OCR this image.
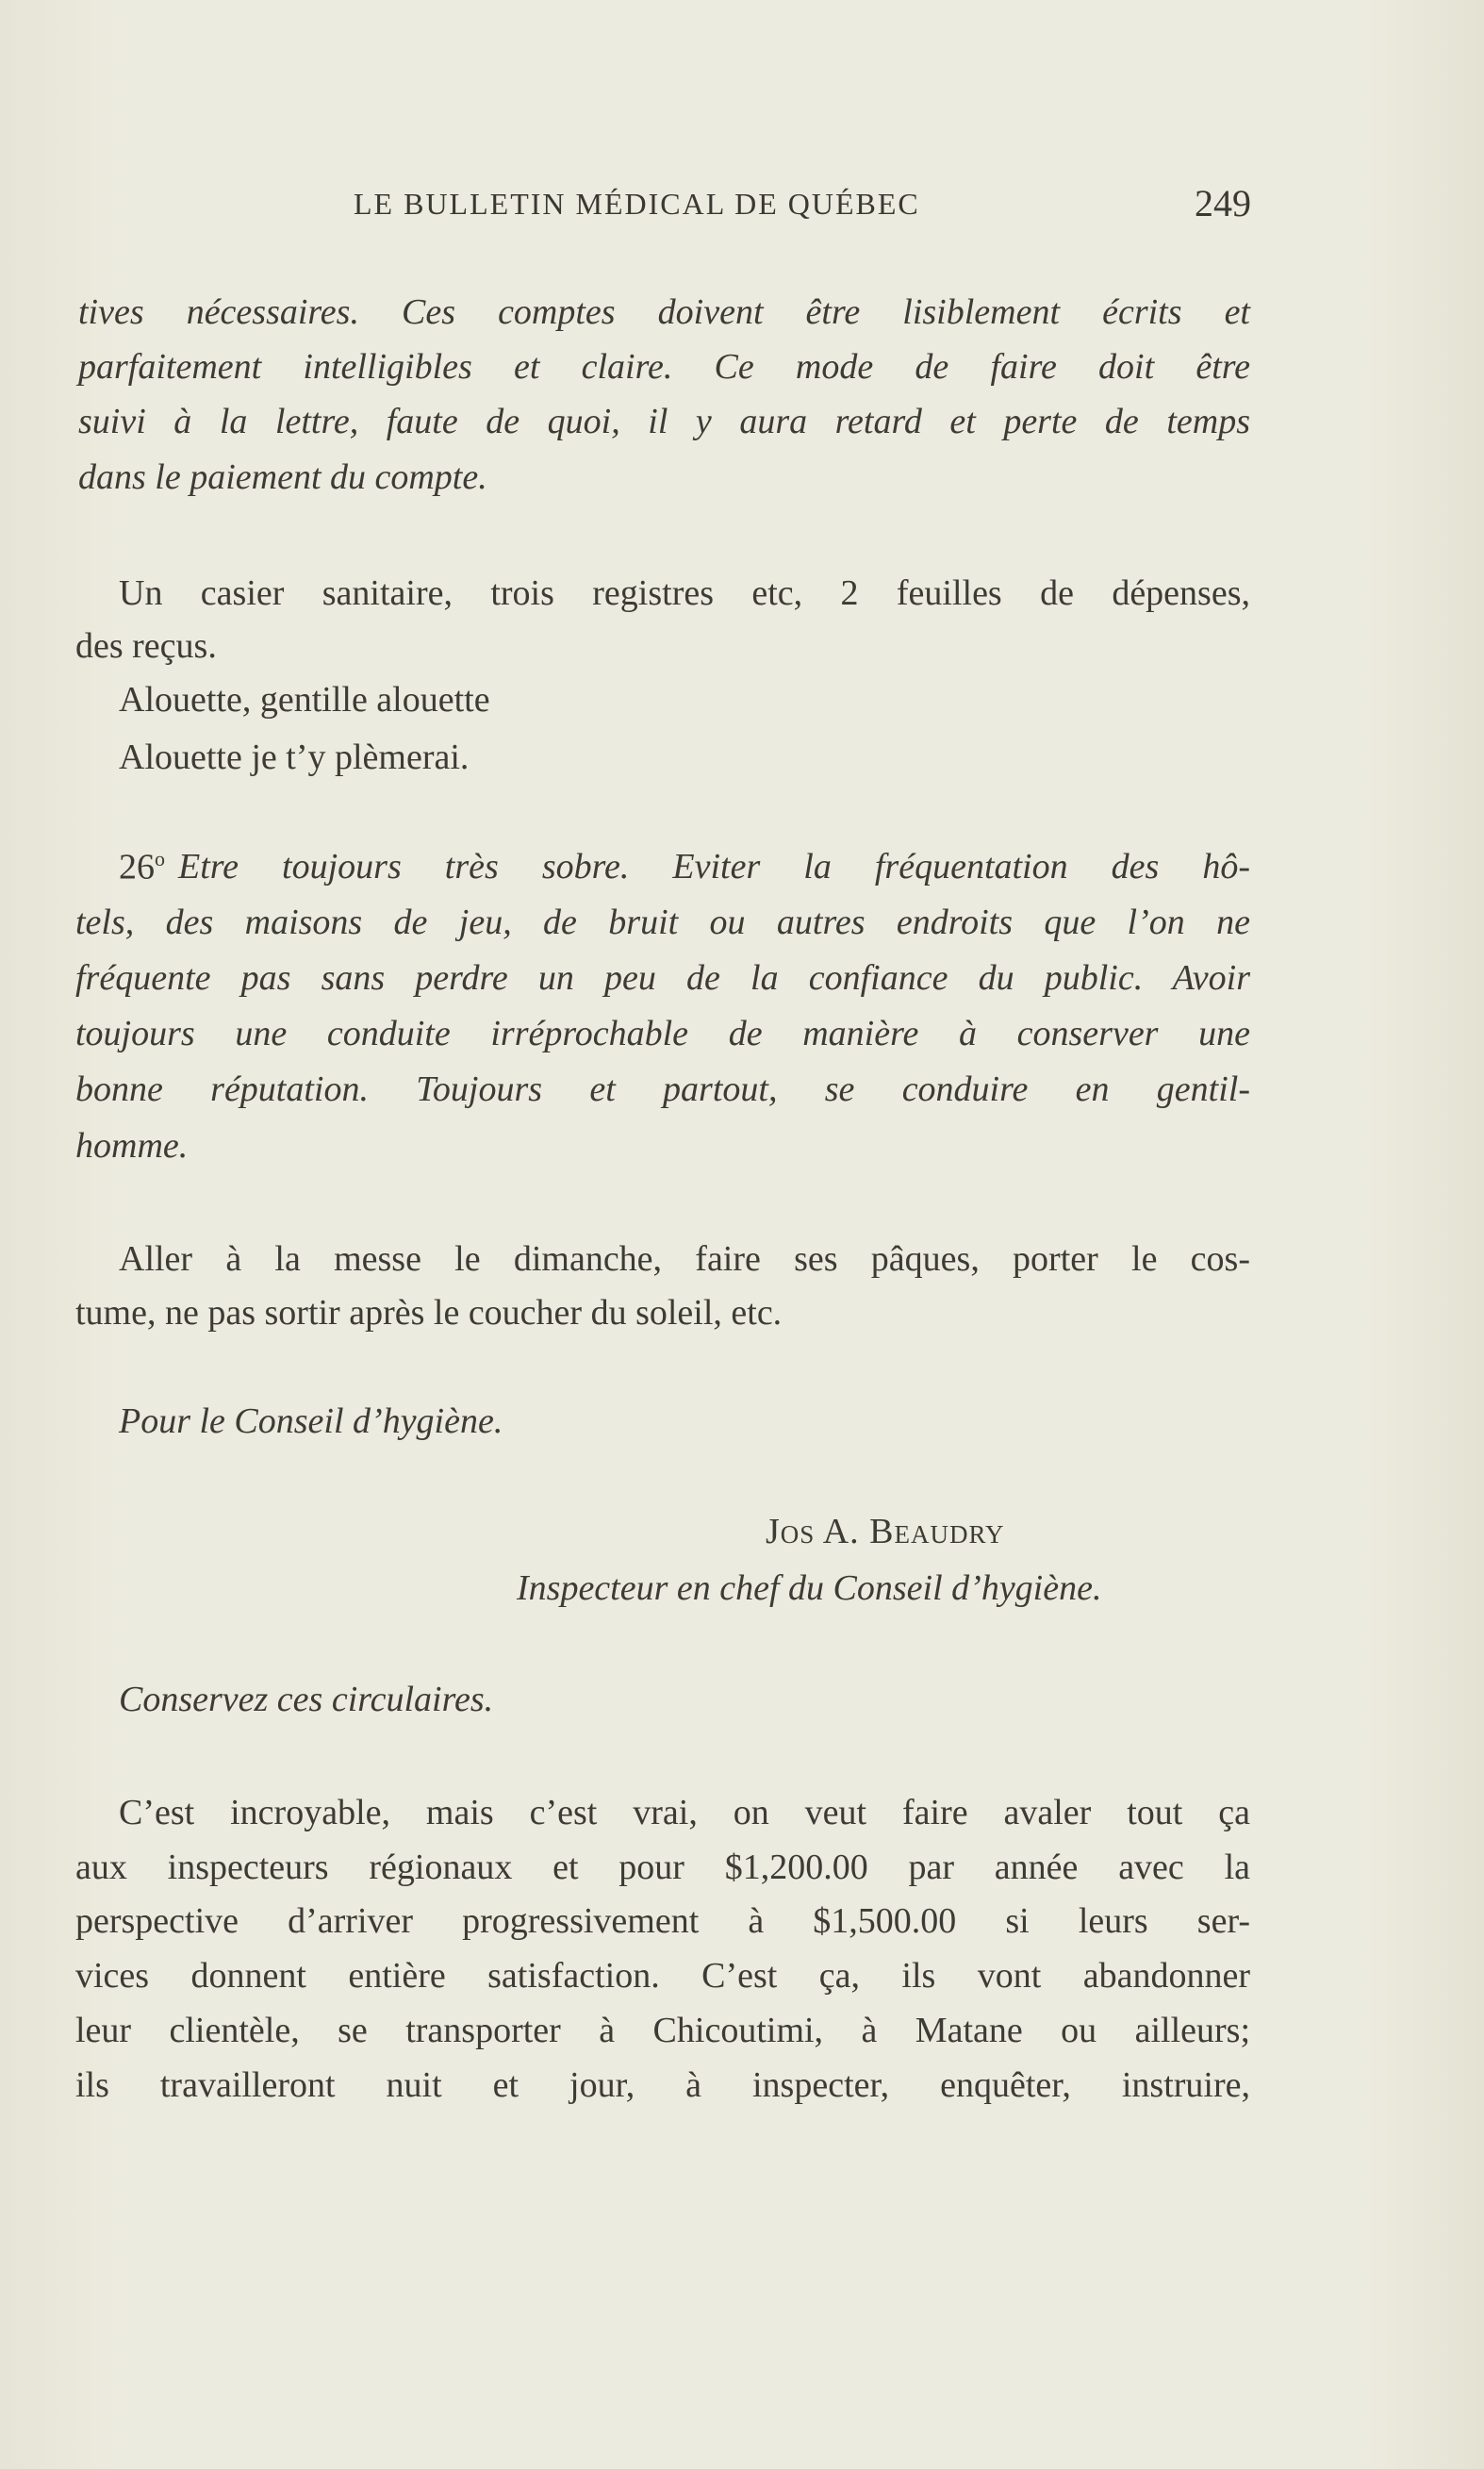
LE BULLETIN MÉDICAL DE QUÉBEC	249
tives nécessaires. Ces comptes doivent être lisiblement écrits et
parfaitement intelligibles et claire. Ce mode de faire doit être
suivi à la lettre, faute de quoi, il y aura retard et perte de temps
dans le paiement du compte.
Un casier sanitaire, trois registres etc, 2 feuilles de dépenses,
des reçus.
Alouette, gentille alouette
Alouette je t’y plèmerai.
26$^o$ Etre toujours très sobre. Eviter la fréquentation des hô-
tels, des maisons de jeu, de bruit ou autres endroits que l’on ne
fréquente pas sans perdre un peu de la confiance du public. Avoir
toujours une conduite irréprochable de manière à conserver une
bonne réputation. Toujours et partout, se conduire en gentil-
homme.
Aller à la messe le dimanche, faire ses pâques, porter le cos-
tume, ne pas sortir après le coucher du soleil, etc.
Pour le Conseil d’hygiène.
Jos A. Beaudry
Inspecteur en chef du Conseil d’hygiène.
Conservez ces circulaires.
C’est incroyable, mais c’est vrai, on veut faire avaler tout ça
aux inspecteurs régionaux et pour $1,200.00 par année avec la
perspective d’arriver progressivement à $1,500.00 si leurs ser-
vices donnent entière satisfaction. C’est ça, ils vont abandonner
leur clientèle, se transporter à Chicoutimi, à Matane ou ailleurs;
ils travailleront nuit et jour, à inspecter, enquêter, instruire,
